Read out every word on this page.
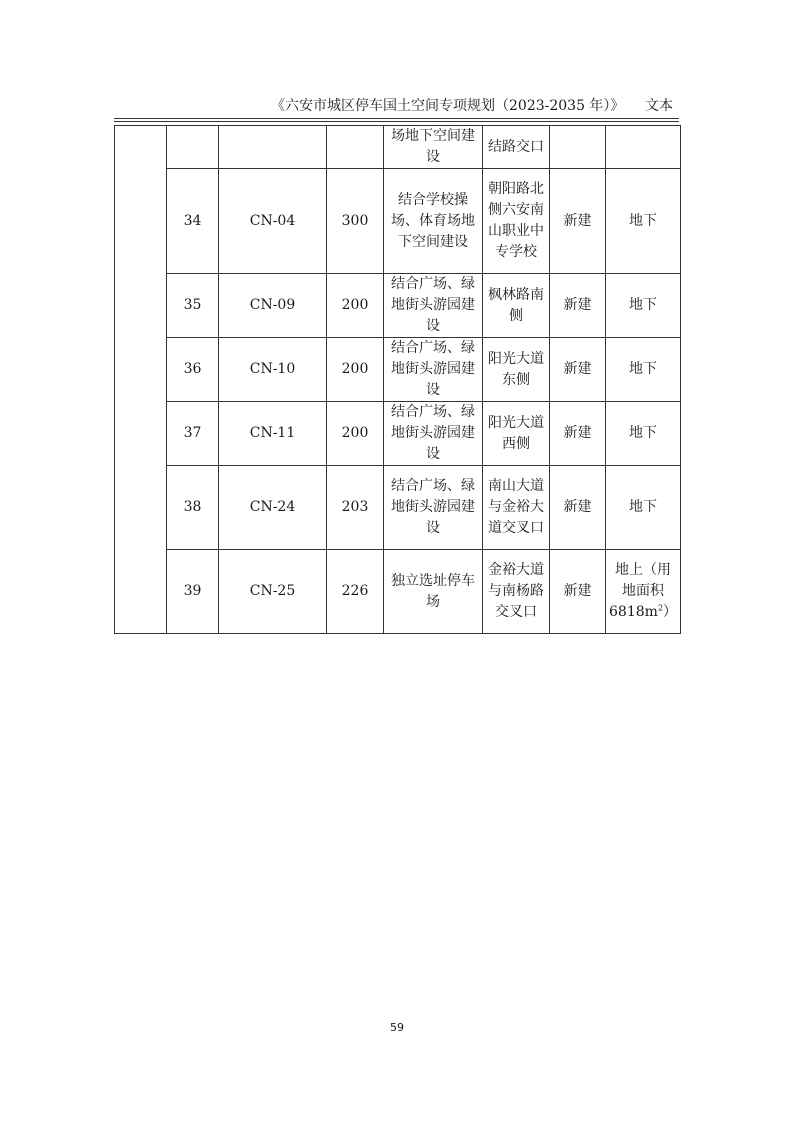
《六安市城区停车国土空间专项规划（2023-2035 年）》 文本
				场地下空间建设	结路交口		
	34	CN-04	300	结合学校操场、体育场地下空间建设	朝阳路北侧六安南山职业中专学校	新建	地下
	35	CN-09	200	结合广场、绿地街头游园建设	枫林路南侧	新建	地下
	36	CN-10	200	结合广场、绿地街头游园建设	阳光大道东侧	新建	地下
	37	CN-11	200	结合广场、绿地街头游园建设	阳光大道西侧	新建	地下
	38	CN-24	203	结合广场、绿地街头游园建设	南山大道与金裕大道交叉口	新建	地下
	39	CN-25	226	独立选址停车场	金裕大道与南杨路交叉口	新建	地上（用地面积$6818m^2$）
59
